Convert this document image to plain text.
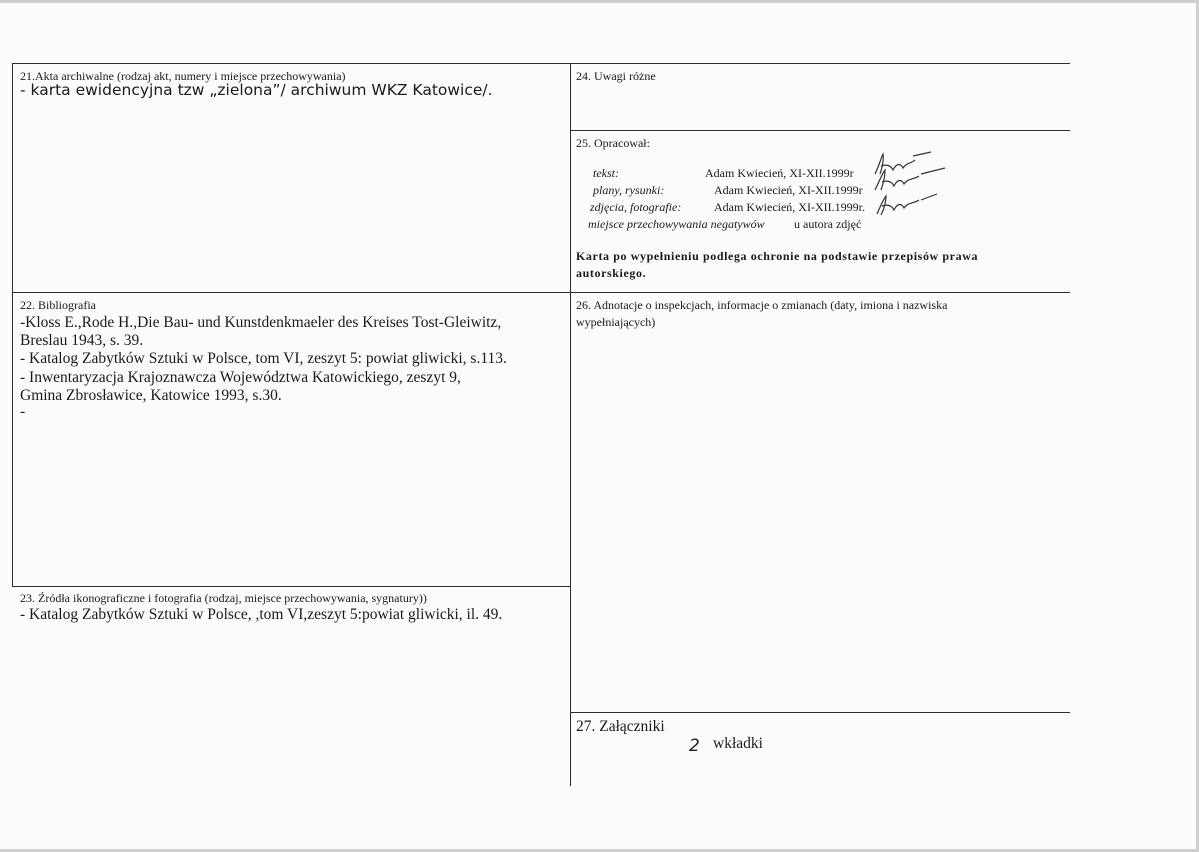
21.Akta archiwalne (rodzaj akt, numery i miejsce przechowywania)
- karta ewidencyjna tzw „zielona”/ archiwum WKZ Katowice/.
24. Uwagi różne
25. Opracował:
tekst:	Adam Kwiecień, XI-XII.1999r
plany, rysunki:	Adam Kwiecień, XI-XII.1999r
zdjęcia, fotografie:	Adam Kwiecień, XI-XII.1999r.
miejsce przechowywania negatywów u autora zdjęć
Karta po wypełnieniu podlega ochronie na podstawie przepisów prawa
autorskiego.
22. Bibliografia
-Kloss E.,Rode H.,Die Bau- und Kunstdenkmaeler des Kreises Tost-Gleiwitz,
Breslau 1943, s. 39.
- Katalog Zabytków Sztuki w Polsce, tom VI, zeszyt 5: powiat gliwicki, s.113.
- Inwentaryzacja Krajoznawcza Województwa Katowickiego, zeszyt 9,
Gmina Zbrosławice, Katowice 1993, s.30.
-
26. Adnotacje o inspekcjach, informacje o zmianach (daty, imiona i nazwiska
wypełniających)
23. Źródła ikonograficzne i fotografia (rodzaj, miejsce przechowywania, sygnatury))
- Katalog Zabytków Sztuki w Polsce, ,tom VI,zeszyt 5:powiat gliwicki, il. 49.
27. Załączniki
2 wkładki
